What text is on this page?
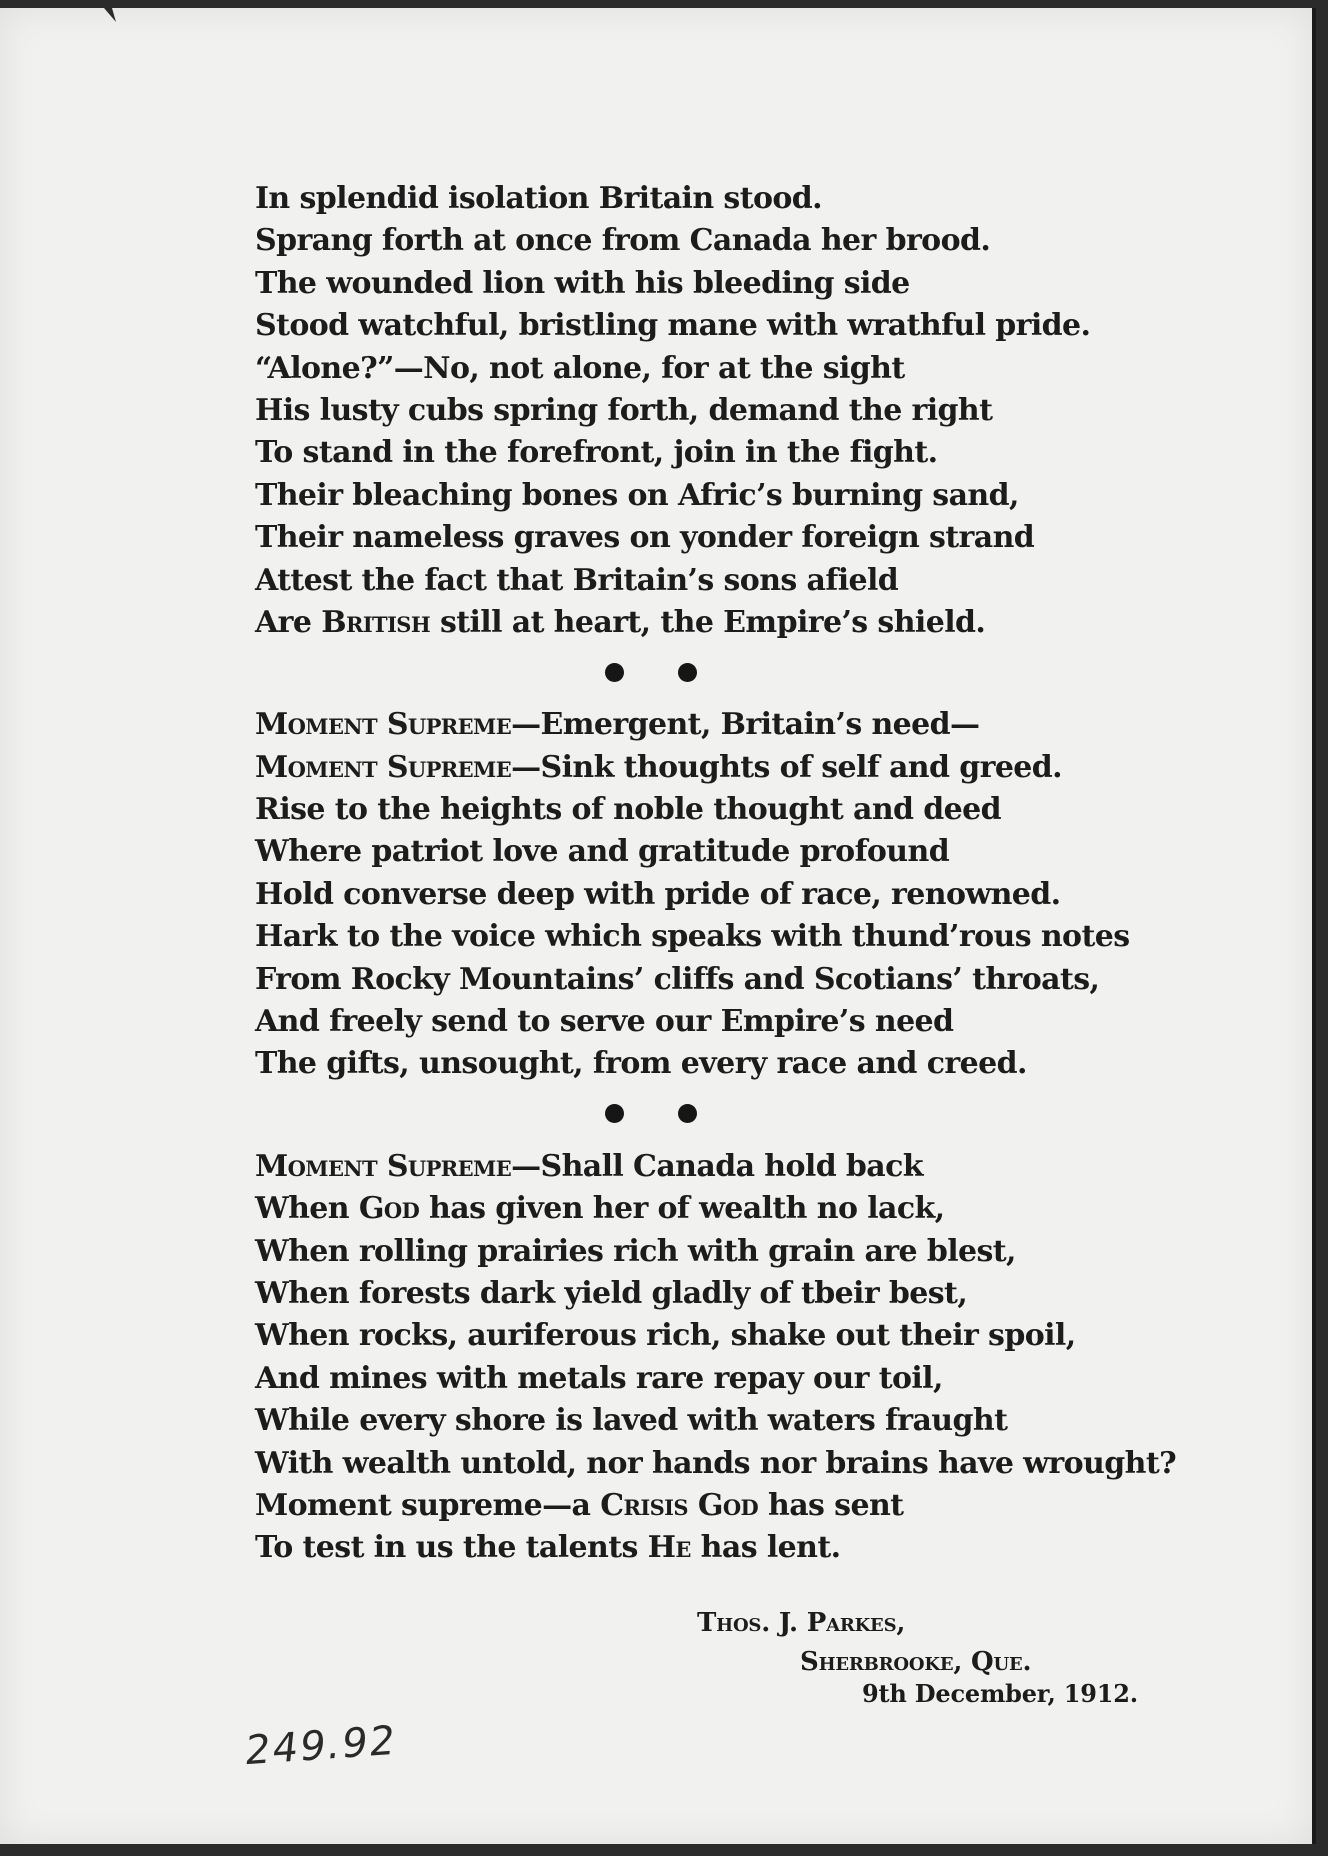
In splendid isolation Britain stood.
Sprang forth at once from Canada her brood.
The wounded lion with his bleeding side
Stood watchful, bristling mane with wrathful pride.
“Alone?”—No, not alone, for at the sight
His lusty cubs spring forth, demand the right
To stand in the forefront, join in the fight.
Their bleaching bones on Afric’s burning sand,
Their nameless graves on yonder foreign strand
Attest the fact that Britain’s sons afield
Are British still at heart, the Empire’s shield.
Moment Supreme—Emergent, Britain’s need—
Moment Supreme—Sink thoughts of self and greed.
Rise to the heights of noble thought and deed
Where patriot love and gratitude profound
Hold converse deep with pride of race, renowned.
Hark to the voice which speaks with thund’rous notes
From Rocky Mountains’ cliffs and Scotians’ throats,
And freely send to serve our Empire’s need
The gifts, unsought, from every race and creed.
Moment Supreme—Shall Canada hold back
When God has given her of wealth no lack,
When rolling prairies rich with grain are blest,
When forests dark yield gladly of tbeir best,
When rocks, auriferous rich, shake out their spoil,
And mines with metals rare repay our toil,
While every shore is laved with waters fraught
With wealth untold, nor hands nor brains have wrought?
Moment supreme—a Crisis God has sent
To test in us the talents He has lent.
Thos. J. Parkes,
Sherbrooke, Que.
9th December, 1912.
249.92
